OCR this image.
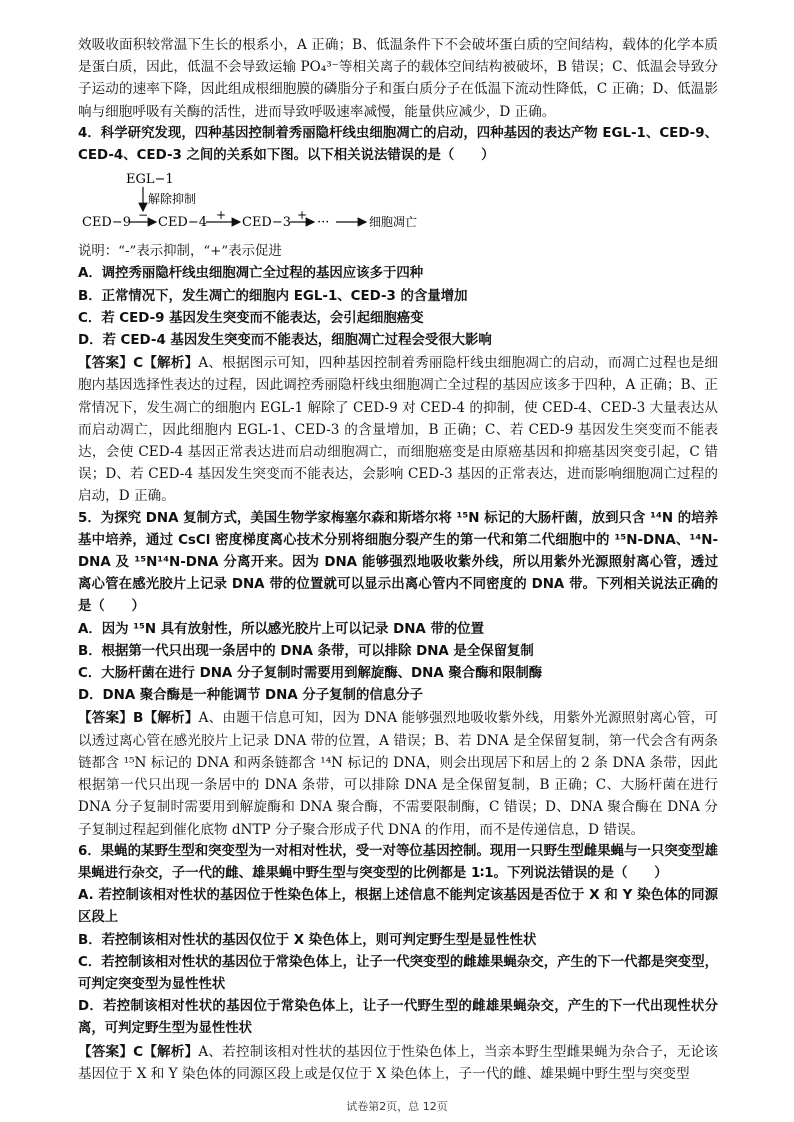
效吸收面积较常温下生长的根系小，A 正确；B、低温条件下不会破坏蛋白质的空间结构，载体的化学本质是蛋白质，因此，低温不会导致运输 PO₄³⁻等相关离子的载体空间结构被破坏，B 错误；C、低温会导致分子运动的速率下降，因此组成根细胞膜的磷脂分子和蛋白质分子在低温下流动性降低，C 正确；D、低温影响与细胞呼吸有关酶的活性，进而导致呼吸速率减慢，能量供应减少，D 正确。

4．科学研究发现，四种基因控制着秀丽隐杆线虫细胞凋亡的启动，四种基因的表达产物 EGL-1、CED-9、CED-4、CED-3 之间的关系如下图。以下相关说法错误的是（　　）

EGL−1
解除抑制
CED−9 − CED−4 + CED−3 + ···	细胞凋亡

说明：“-”表示抑制，“+”表示促进

A．调控秀丽隐杆线虫细胞凋亡全过程的基因应该多于四种

B．正常情况下，发生凋亡的细胞内 EGL-1、CED-3 的含量增加

C．若 CED-9 基因发生突变而不能表达，会引起细胞癌变

D．若 CED-4 基因发生突变而不能表达，细胞凋亡过程会受很大影响

【答案】C【解析】A、根据图示可知，四种基因控制着秀丽隐杆线虫细胞凋亡的启动，而凋亡过程也是细胞内基因选择性表达的过程，因此调控秀丽隐杆线虫细胞凋亡全过程的基因应该多于四种，A 正确；B、正常情况下，发生凋亡的细胞内 EGL-1 解除了 CED-9 对 CED-4 的抑制，使 CED-4、CED-3 大量表达从而启动凋亡，因此细胞内 EGL-1、CED-3 的含量增加，B 正确；C、若 CED-9 基因发生突变而不能表达，会使 CED-4 基因正常表达进而启动细胞凋亡，而细胞癌变是由原癌基因和抑癌基因突变引起，C 错误；D、若 CED-4 基因发生突变而不能表达，会影响 CED-3 基因的正常表达，进而影响细胞凋亡过程的启动，D 正确。

5．为探究 DNA 复制方式，美国生物学家梅塞尔森和斯塔尔将 ¹⁵N 标记的大肠杆菌，放到只含 ¹⁴N 的培养基中培养，通过 CsCl 密度梯度离心技术分别将细胞分裂产生的第一代和第二代细胞中的 ¹⁵N-DNA、¹⁴N-DNA 及 ¹⁵N¹⁴N-DNA 分离开来。因为 DNA 能够强烈地吸收紫外线，所以用紫外光源照射离心管，透过离心管在感光胶片上记录 DNA 带的位置就可以显示出离心管内不同密度的 DNA 带。下列相关说法正确的是（　　）

A．因为 ¹⁵N 具有放射性，所以感光胶片上可以记录 DNA 带的位置

B．根据第一代只出现一条居中的 DNA 条带，可以排除 DNA 是全保留复制

C．大肠杆菌在进行 DNA 分子复制时需要用到解旋酶、DNA 聚合酶和限制酶

D．DNA 聚合酶是一种能调节 DNA 分子复制的信息分子

【答案】B【解析】A、由题干信息可知，因为 DNA 能够强烈地吸收紫外线，用紫外光源照射离心管，可以透过离心管在感光胶片上记录 DNA 带的位置，A 错误；B、若 DNA 是全保留复制，第一代会含有两条链都含 ¹⁵N 标记的 DNA 和两条链都含 ¹⁴N 标记的 DNA，则会出现居下和居上的 2 条 DNA 条带，因此根据第一代只出现一条居中的 DNA 条带，可以排除 DNA 是全保留复制，B 正确；C、大肠杆菌在进行 DNA 分子复制时需要用到解旋酶和 DNA 聚合酶，不需要限制酶，C 错误；D、DNA 聚合酶在 DNA 分子复制过程起到催化底物 dNTP 分子聚合形成子代 DNA 的作用，而不是传递信息，D 错误。

6．果蝇的某野生型和突变型为一对相对性状，受一对等位基因控制。现用一只野生型雌果蝇与一只突变型雄果蝇进行杂交，子一代的雌、雄果蝇中野生型与突变型的比例都是 1∶1。下列说法错误的是（　　）

A. 若控制该相对性状的基因位于性染色体上，根据上述信息不能判定该基因是否位于 X 和 Y 染色体的同源区段上

B．若控制该相对性状的基因仅位于 X 染色体上，则可判定野生型是显性性状

C．若控制该相对性状的基因位于常染色体上，让子一代突变型的雌雄果蝇杂交，产生的下一代都是突变型，可判定突变型为显性性状

D．若控制该相对性状的基因位于常染色体上，让子一代野生型的雌雄果蝇杂交，产生的下一代出现性状分离，可判定野生型为显性性状

【答案】C【解析】A、若控制该相对性状的基因位于性染色体上，当亲本野生型雌果蝇为杂合子，无论该基因位于 X 和 Y 染色体的同源区段上或是仅位于 X 染色体上，子一代的雌、雄果蝇中野生型与突变型

试卷第2页，总 12页
